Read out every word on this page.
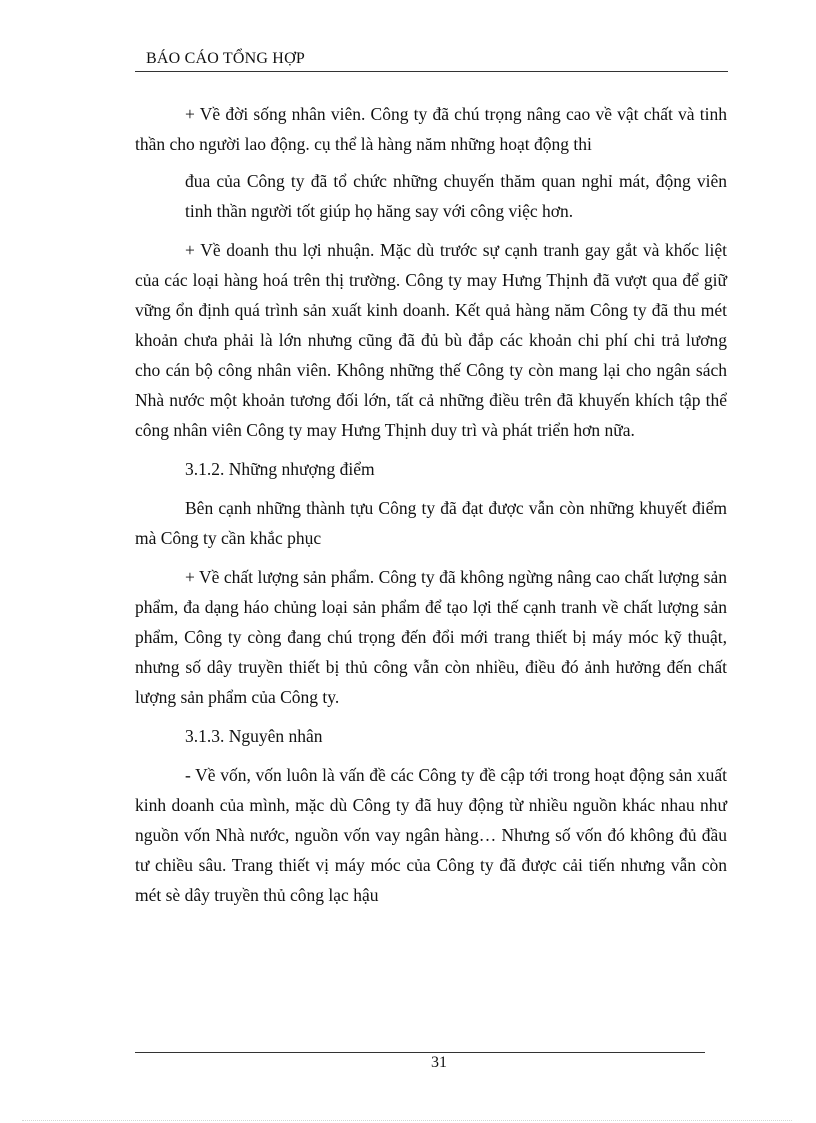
BÁO CÁO TỔNG HỢP

+ Về đời sống nhân viên. Công ty đã chú trọng nâng cao về vật chất và tinh thần cho người lao động. cụ thể là hàng năm những hoạt động thi

đua của Công ty đã tổ chức những chuyến thăm quan nghỉ mát, động viên tinh thần người tốt giúp họ hăng say với công việc hơn.

+ Về doanh thu lợi nhuận. Mặc dù trước sự cạnh tranh gay gắt và khốc liệt của các loại hàng hoá trên thị trường. Công ty may Hưng Thịnh đã vượt qua để giữ vững ổn định quá trình sản xuất kinh doanh. Kết quả hàng năm Công ty đã thu mét khoản chưa phải là lớn nhưng cũng đã đủ bù đắp các khoản chi phí chi trả lương cho cán bộ công nhân viên. Không những thế Công ty còn mang lại cho ngân sách Nhà nước một khoản tương đối lớn, tất cả những điều trên đã khuyến khích tập thể công nhân viên Công ty may Hưng Thịnh duy trì và phát triển hơn nữa.

3.1.2. Những nhượng điểm

Bên cạnh những thành tựu Công ty đã đạt được vẫn còn những khuyết điểm mà Công ty cần khắc phục

+ Về chất lượng sản phẩm. Công ty đã không ngừng nâng cao chất lượng sản phẩm, đa dạng háo chủng loại sản phẩm để tạo lợi thế cạnh tranh về chất lượng sản phẩm, Công ty còng đang chú trọng đến đổi mới trang thiết bị máy móc kỹ thuật, nhưng số dây truyền thiết bị thủ công vẫn còn nhiều, điều đó ảnh hưởng đến chất lượng sản phẩm của Công ty.

3.1.3. Nguyên nhân

- Về vốn, vốn luôn là vấn đề các Công ty đề cập tới trong hoạt động sản xuất kinh doanh của mình, mặc dù Công ty đã huy động từ nhiều nguồn khác nhau như nguồn vốn Nhà nước, nguồn vốn vay ngân hàng… Nhưng số vốn đó không đủ đầu tư chiều sâu. Trang thiết vị máy móc của Công ty đã được cải tiến nhưng vẫn còn mét sè dây truyền thủ công lạc hậu

31
